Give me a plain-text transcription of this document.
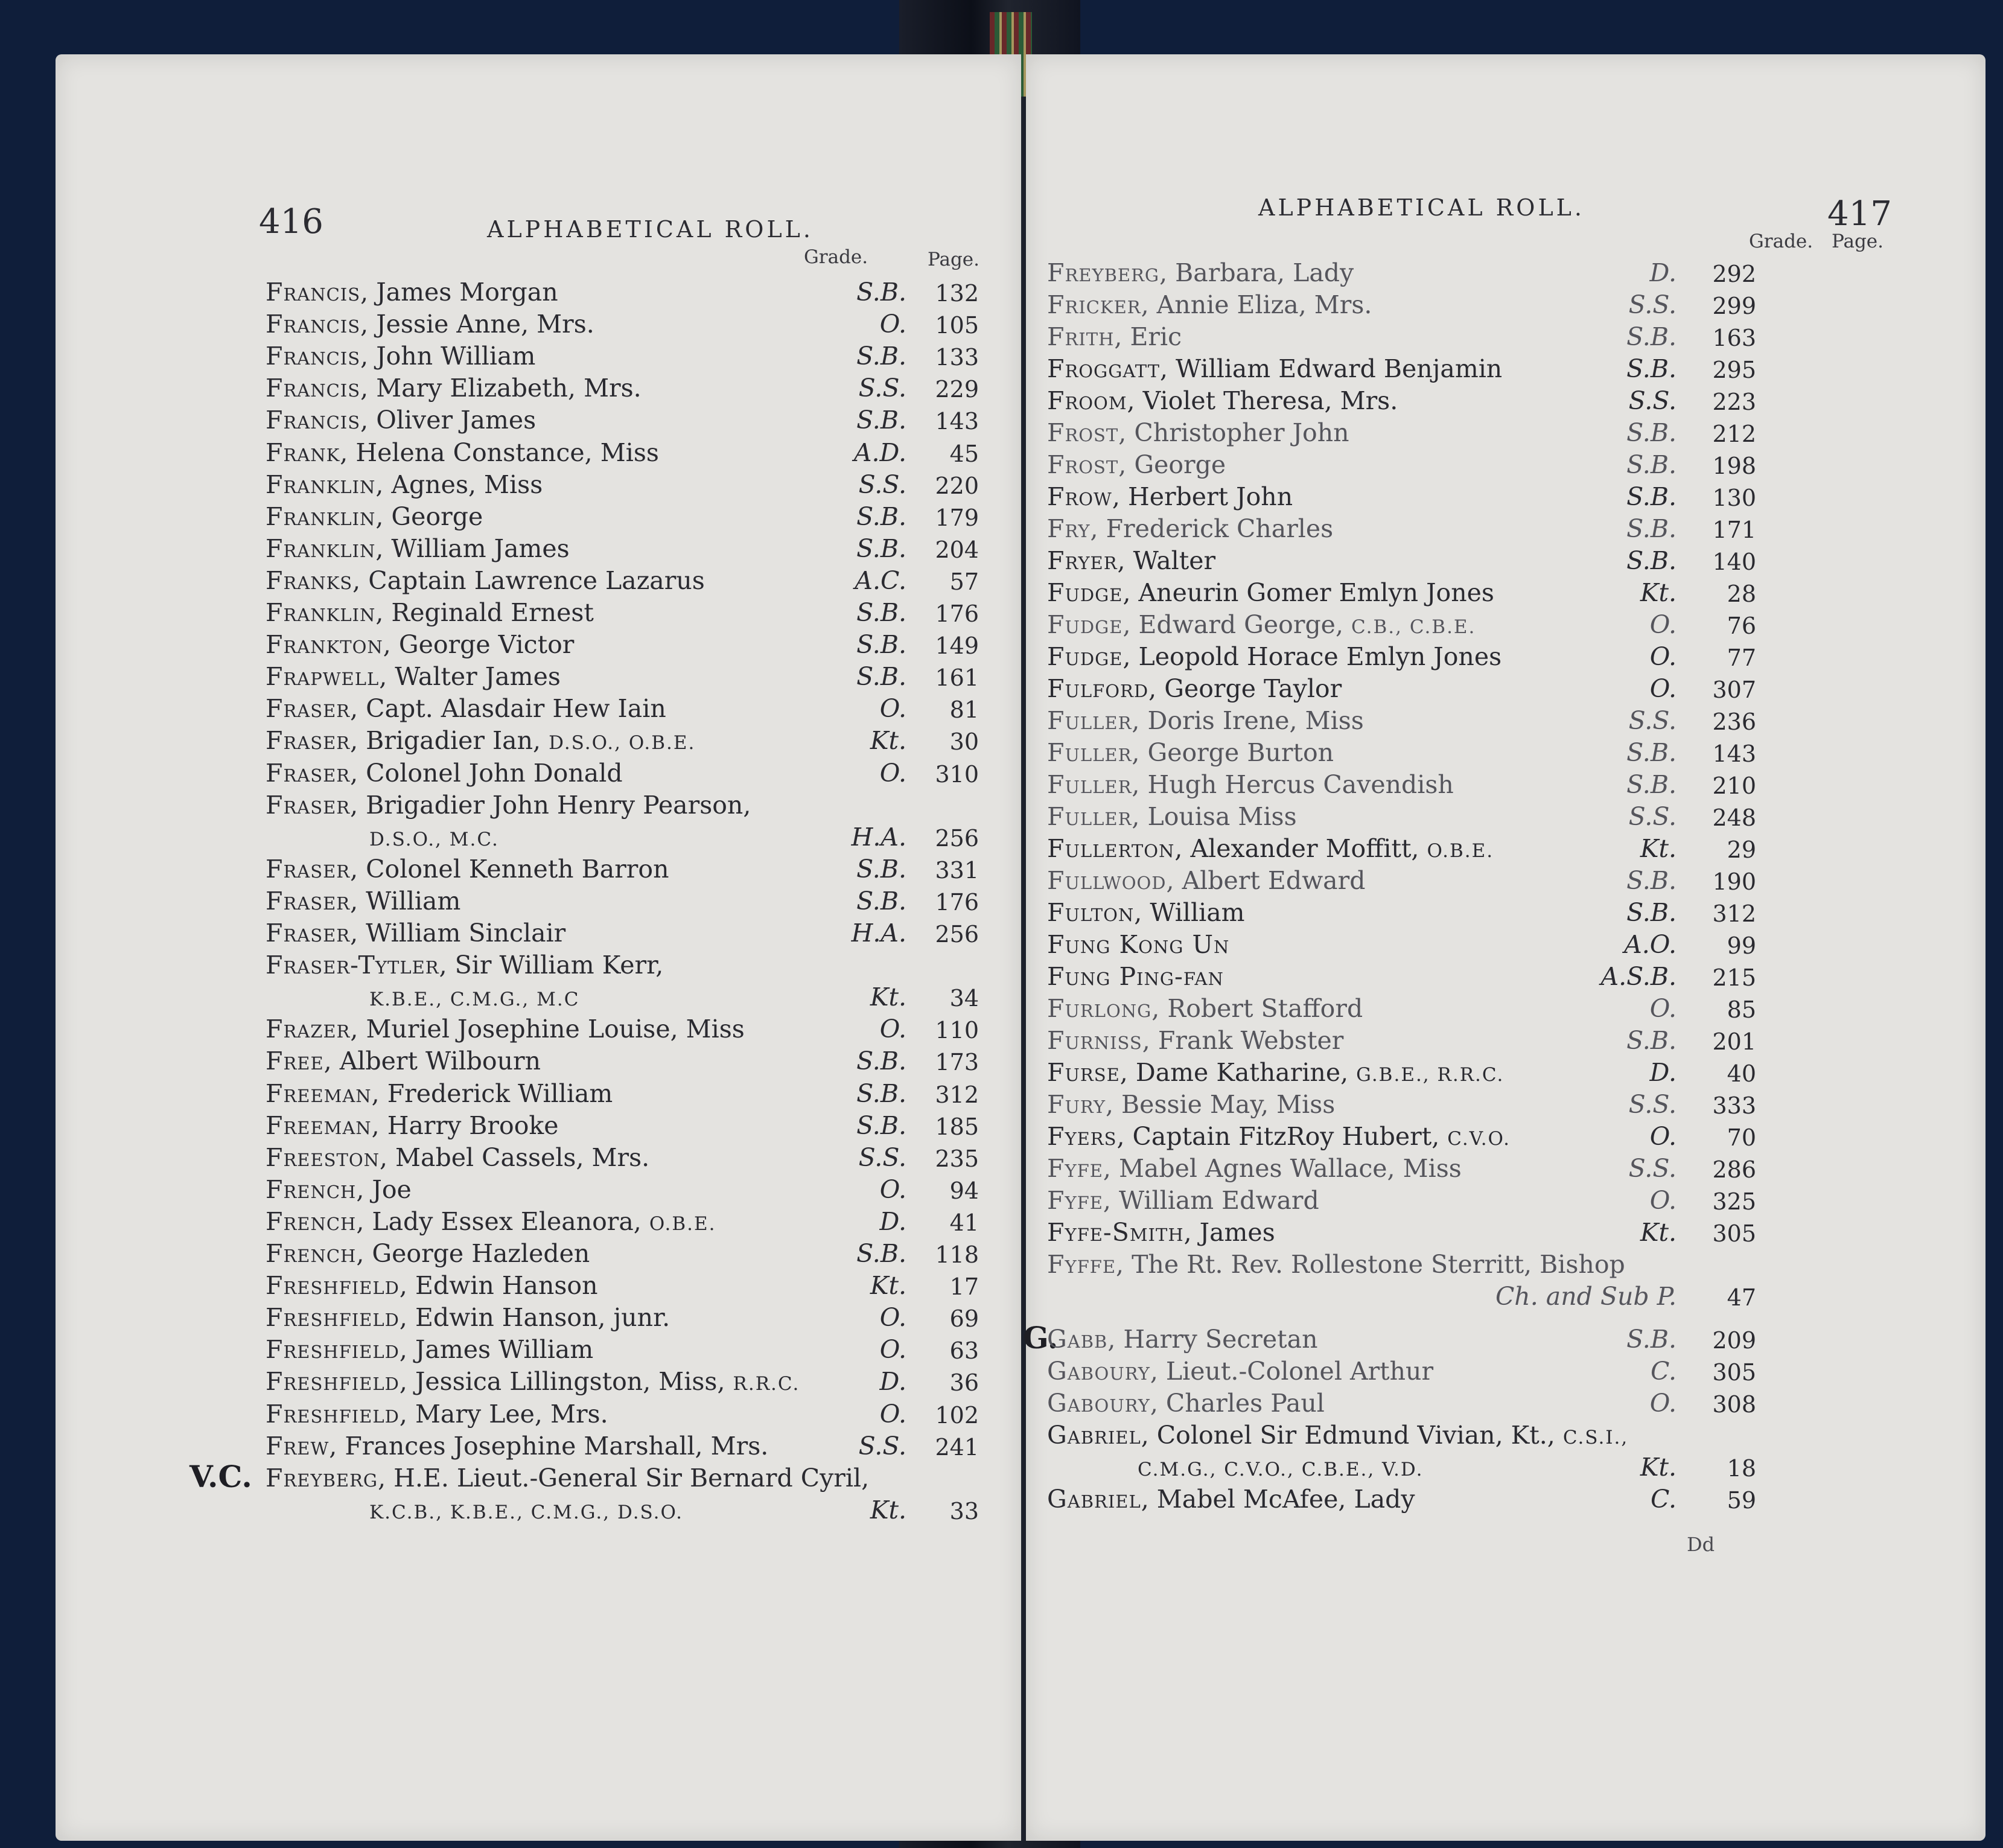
416	ALPHABETICAL ROLL.
Grade.	Page.
Francis, James Morgan	S.B. 132
Francis, Jessie Anne, Mrs.	O. 105
Francis, John William	S.B. 133
Francis, Mary Elizabeth, Mrs.	S.S. 229
Francis, Oliver James	S.B. 143
Frank, Helena Constance, Miss	A.D. 45
Franklin, Agnes, Miss	S.S. 220
Franklin, George	S.B. 179
Franklin, William James	S.B. 204
Franks, Captain Lawrence Lazarus	A.C. 57
Franklin, Reginald Ernest	S.B. 176
Frankton, George Victor	S.B. 149
Frapwell, Walter James	S.B. 161
Fraser, Capt. Alasdair Hew Iain	O. 81
Fraser, Brigadier Ian, D.S.O., O.B.E.	Kt. 30
Fraser, Colonel John Donald	O. 310
Fraser, Brigadier John Henry Pearson,
D.S.O., M.C.	H.A. 256
Fraser, Colonel Kenneth Barron	S.B. 331
Fraser, William	S.B. 176
Fraser, William Sinclair	H.A. 256
Fraser-Tytler, Sir William Kerr,
K.B.E., C.M.G., M.C	Kt. 34
Frazer, Muriel Josephine Louise, Miss	O. 110
Free, Albert Wilbourn	S.B. 173
Freeman, Frederick William	S.B. 312
Freeman, Harry Brooke	S.B. 185
Freeston, Mabel Cassels, Mrs.	S.S. 235
French, Joe	O. 94
French, Lady Essex Eleanora, O.B.E.	D. 41
French, George Hazleden	S.B. 118
Freshfield, Edwin Hanson	Kt. 17
Freshfield, Edwin Hanson, junr.	O. 69
Freshfield, James William	O. 63
Freshfield, Jessica Lillingston, Miss, R.R.C.	D. 36
Freshfield, Mary Lee, Mrs.	O. 102
Frew, Frances Josephine Marshall, Mrs.	S.S. 241
V.C. Freyberg, H.E. Lieut.-General Sir Bernard Cyril,
K.C.B., K.B.E., C.M.G., D.S.O.	Kt. 33
ALPHABETICAL ROLL.	417
Grade. Page.
Freyberg, Barbara, Lady	D. 292
Fricker, Annie Eliza, Mrs.	S.S. 299
Frith, Eric	S.B. 163
Froggatt, William Edward Benjamin	S.B. 295
Froom, Violet Theresa, Mrs.	S.S. 223
Frost, Christopher John	S.B. 212
Frost, George	S.B. 198
Frow, Herbert John	S.B. 130
Fry, Frederick Charles	S.B. 171
Fryer, Walter	S.B. 140
Fudge, Aneurin Gomer Emlyn Jones	Kt. 28
Fudge, Edward George, C.B., C.B.E.	O. 76
Fudge, Leopold Horace Emlyn Jones	O. 77
Fulford, George Taylor	O. 307
Fuller, Doris Irene, Miss	S.S. 236
Fuller, George Burton	S.B. 143
Fuller, Hugh Hercus Cavendish	S.B. 210
Fuller, Louisa Miss	S.S. 248
Fullerton, Alexander Moffitt, O.B.E.	Kt. 29
Fullwood, Albert Edward	S.B. 190
Fulton, William	S.B. 312
Fung Kong Un	A.O. 99
Fung Ping-fan	A.S.B. 215
Furlong, Robert Stafford	O. 85
Furniss, Frank Webster	S.B. 201
Furse, Dame Katharine, G.B.E., R.R.C.	D. 40
Fury, Bessie May, Miss	S.S. 333
Fyers, Captain FitzRoy Hubert, C.V.O.	O. 70
Fyfe, Mabel Agnes Wallace, Miss	S.S. 286
Fyfe, William Edward	O. 325
Fyfe-Smith, James	Kt. 305
Fyffe, The Rt. Rev. Rollestone Sterritt, Bishop
Ch. and Sub P. 47
G.
Gabb, Harry Secretan	S.B. 209
Gaboury, Lieut.-Colonel Arthur	C. 305
Gaboury, Charles Paul	O. 308
Gabriel, Colonel Sir Edmund Vivian, Kt., C.S.I.,
C.M.G., C.V.O., C.B.E., V.D.	Kt. 18
Gabriel, Mabel McAfee, Lady	C. 59
Dd
